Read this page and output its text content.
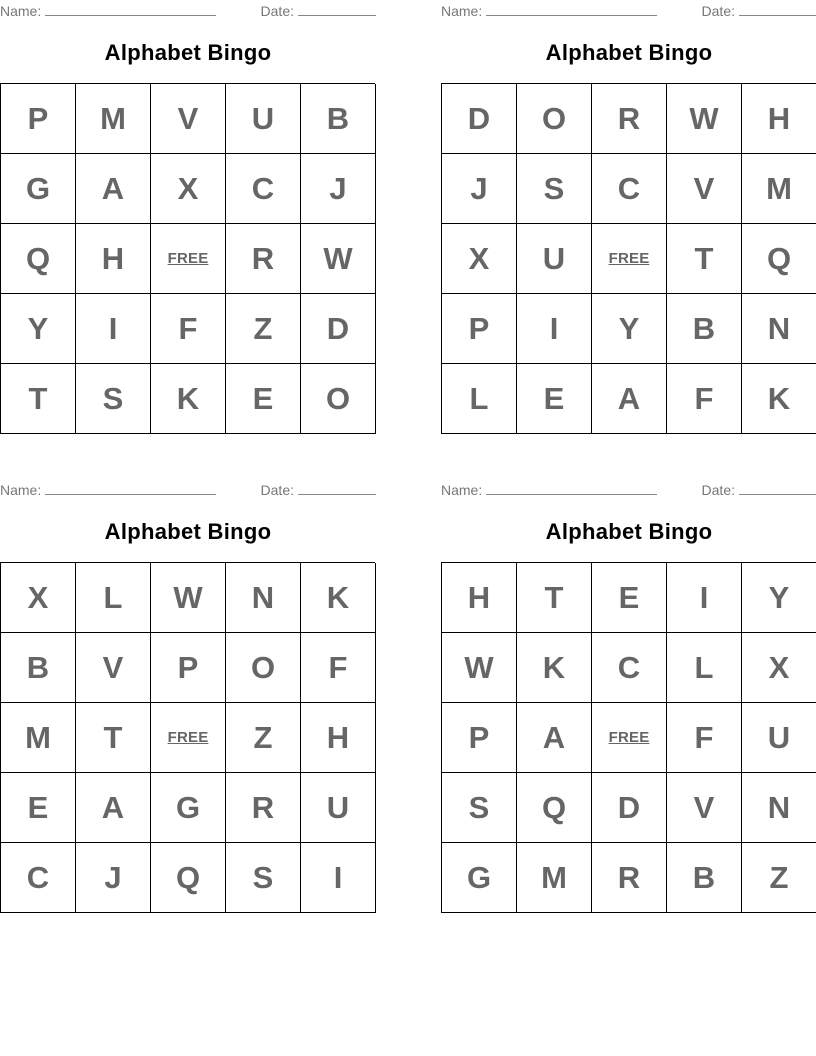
Name:	Date:
Alphabet Bingo
P	M	V	U	B
G	A	X	C	J
Q	H	FREE	R	W
Y	I	F	Z	D
T	S	K	E	O
Name:	Date:
Alphabet Bingo
D	O	R	W	H
J	S	C	V	M
X	U	FREE	T	Q
P	I	Y	B	N
L	E	A	F	K
Name:	Date:
Alphabet Bingo
X	L	W	N	K
B	V	P	O	F
M	T	FREE	Z	H
E	A	G	R	U
C	J	Q	S	I
Name:	Date:
Alphabet Bingo
H	T	E	I	Y
W	K	C	L	X
P	A	FREE	F	U
S	Q	D	V	N
G	M	R	B	Z
